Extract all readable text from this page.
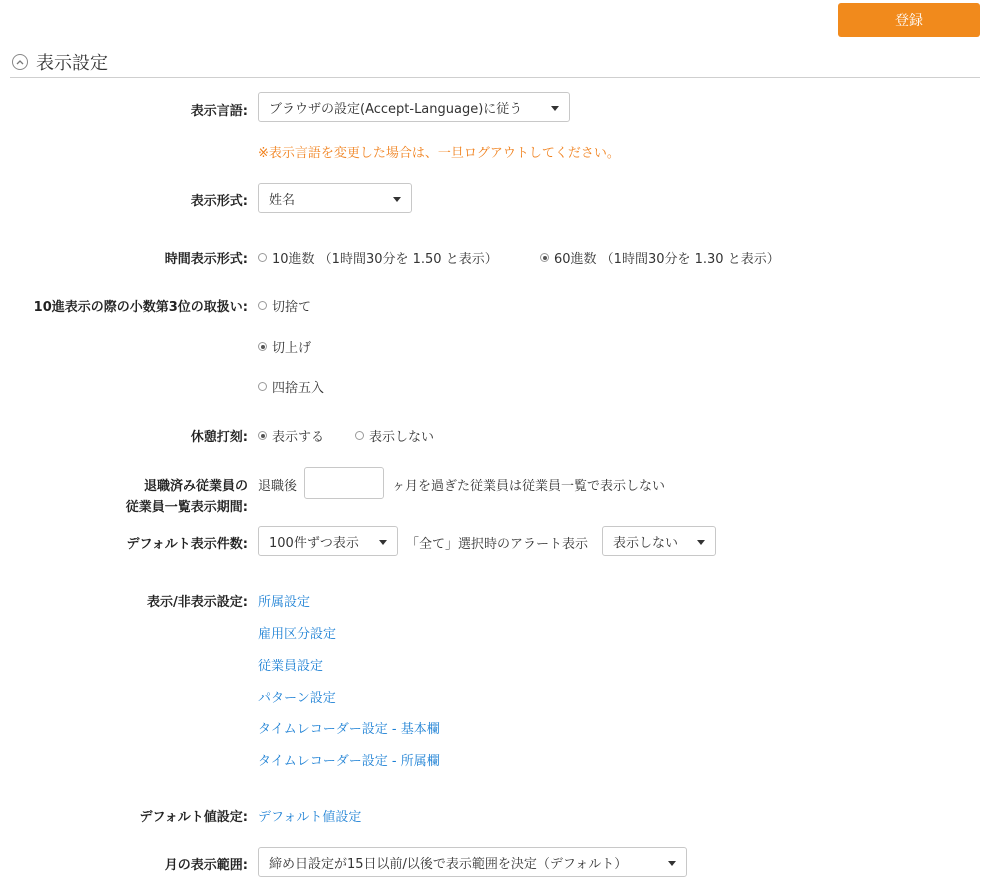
登録
表示設定
表示言語: ブラウザの設定(Accept-Language)に従う
※表示言語を変更した場合は、一旦ログアウトしてください。
表示形式: 姓名
時間表示形式: 10進数 （1時間30分を 1.50 と表示）	60進数 （1時間30分を 1.30 と表示）
10進表示の際の小数第3位の取扱い: 切捨て
切上げ
四捨五入
休憩打刻: 表示する	表示しない
退職済み従業員の
従業員一覧表示期間:
退職後	ヶ月を過ぎた従業員は従業員一覧で表示しない
デフォルト表示件数: 100件ずつ表示	「全て」選択時のアラート表示 表示しない
表示/非表示設定: 所属設定
雇用区分設定
従業員設定
パターン設定
タイムレコーダー設定 - 基本欄
タイムレコーダー設定 - 所属欄
デフォルト値設定: デフォルト値設定
月の表示範囲: 締め日設定が15日以前/以後で表示範囲を決定（デフォルト）
